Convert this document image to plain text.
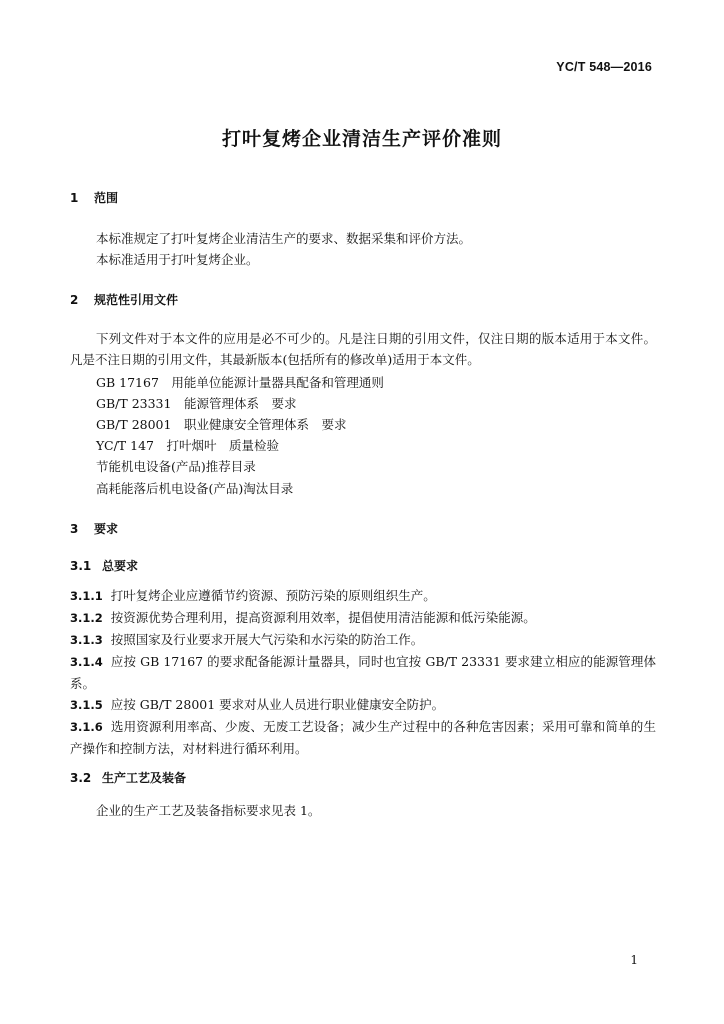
YC/T 548—2016
打叶复烤企业清洁生产评价准则
1 范围
本标准规定了打叶复烤企业清洁生产的要求、数据采集和评价方法。
本标准适用于打叶复烤企业。
2 规范性引用文件
下列文件对于本文件的应用是必不可少的。凡是注日期的引用文件，仅注日期的版本适用于本文件。凡是不注日期的引用文件，其最新版本(包括所有的修改单)适用于本文件。
GB 17167　用能单位能源计量器具配备和管理通则
GB/T 23331　能源管理体系　要求
GB/T 28001　职业健康安全管理体系　要求
YC/T 147　打叶烟叶　质量检验
节能机电设备(产品)推荐目录
高耗能落后机电设备(产品)淘汰目录
3 要求
3.1 总要求
3.1.1 打叶复烤企业应遵循节约资源、预防污染的原则组织生产。
3.1.2 按资源优势合理利用，提高资源利用效率，提倡使用清洁能源和低污染能源。
3.1.3 按照国家及行业要求开展大气污染和水污染的防治工作。
3.1.4 应按 GB 17167 的要求配备能源计量器具，同时也宜按 GB/T 23331 要求建立相应的能源管理体系。
3.1.5 应按 GB/T 28001 要求对从业人员进行职业健康安全防护。
3.1.6 选用资源利用率高、少废、无废工艺设备；减少生产过程中的各种危害因素；采用可靠和简单的生产操作和控制方法，对材料进行循环利用。
3.2 生产工艺及装备
企业的生产工艺及装备指标要求见表 1。
1
